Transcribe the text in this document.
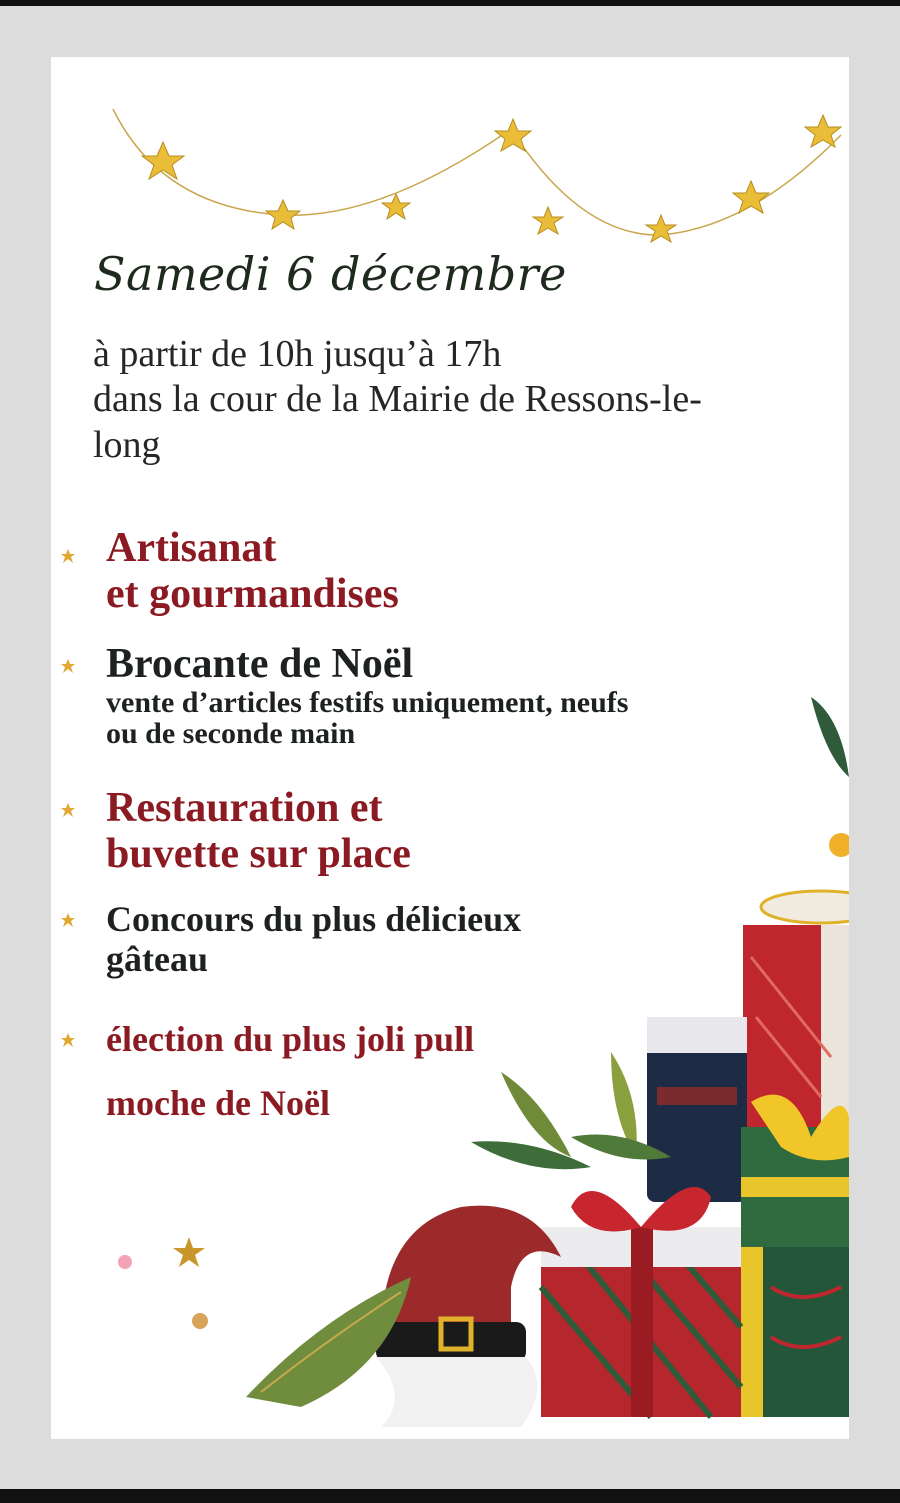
Samedi 6 décembre
à partir de 10h jusqu’à 17h
dans la cour de la Mairie de Ressons-le-
long
Artisanat
et gourmandises
Brocante de Noël
vente d’articles festifs uniquement, neufs
ou de seconde main
Restauration et
buvette sur place
Concours du plus délicieux
gâteau
élection du plus joli pull
moche de Noël
